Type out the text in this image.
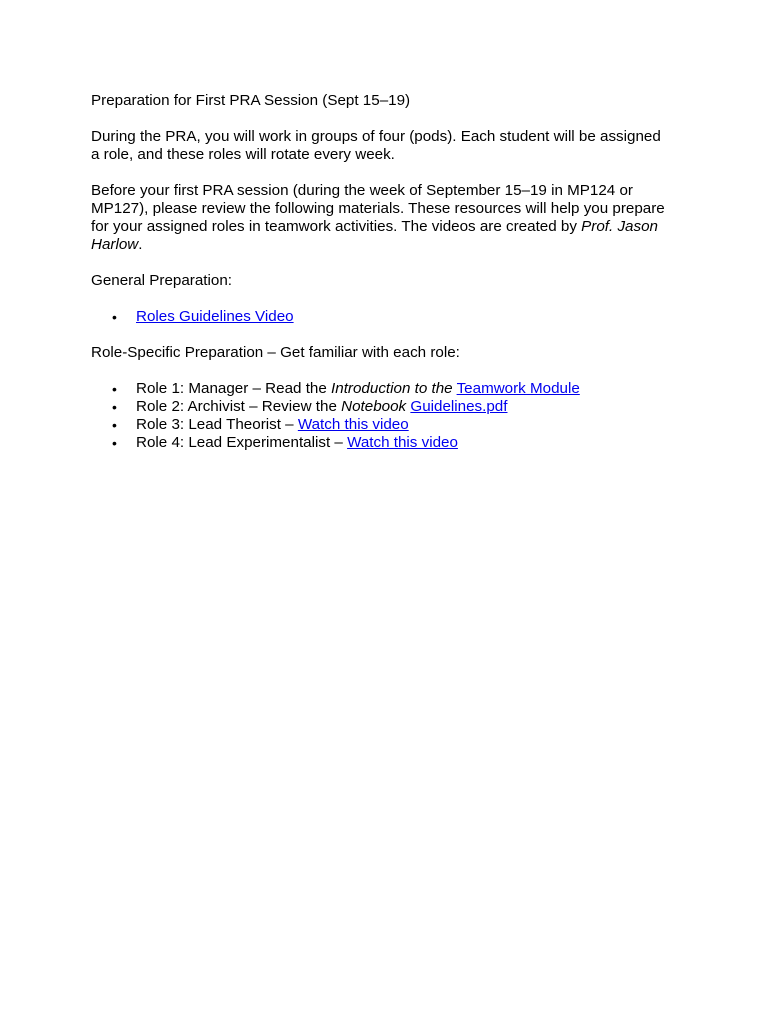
Preparation for First PRA Session (Sept 15–19)

During the PRA, you will work in groups of four (pods). Each student will be assigned a role, and these roles will rotate every week.

Before your first PRA session (during the week of September 15–19 in MP124 or MP127), please review the following materials. These resources will help you prepare for your assigned roles in teamwork activities. The videos are created by Prof. Jason Harlow.

General Preparation:

• Roles Guidelines Video

Role-Specific Preparation – Get familiar with each role:

• Role 1: Manager – Read the Introduction to the Teamwork Module
• Role 2: Archivist – Review the Notebook Guidelines.pdf
• Role 3: Lead Theorist – Watch this video
• Role 4: Lead Experimentalist – Watch this video
